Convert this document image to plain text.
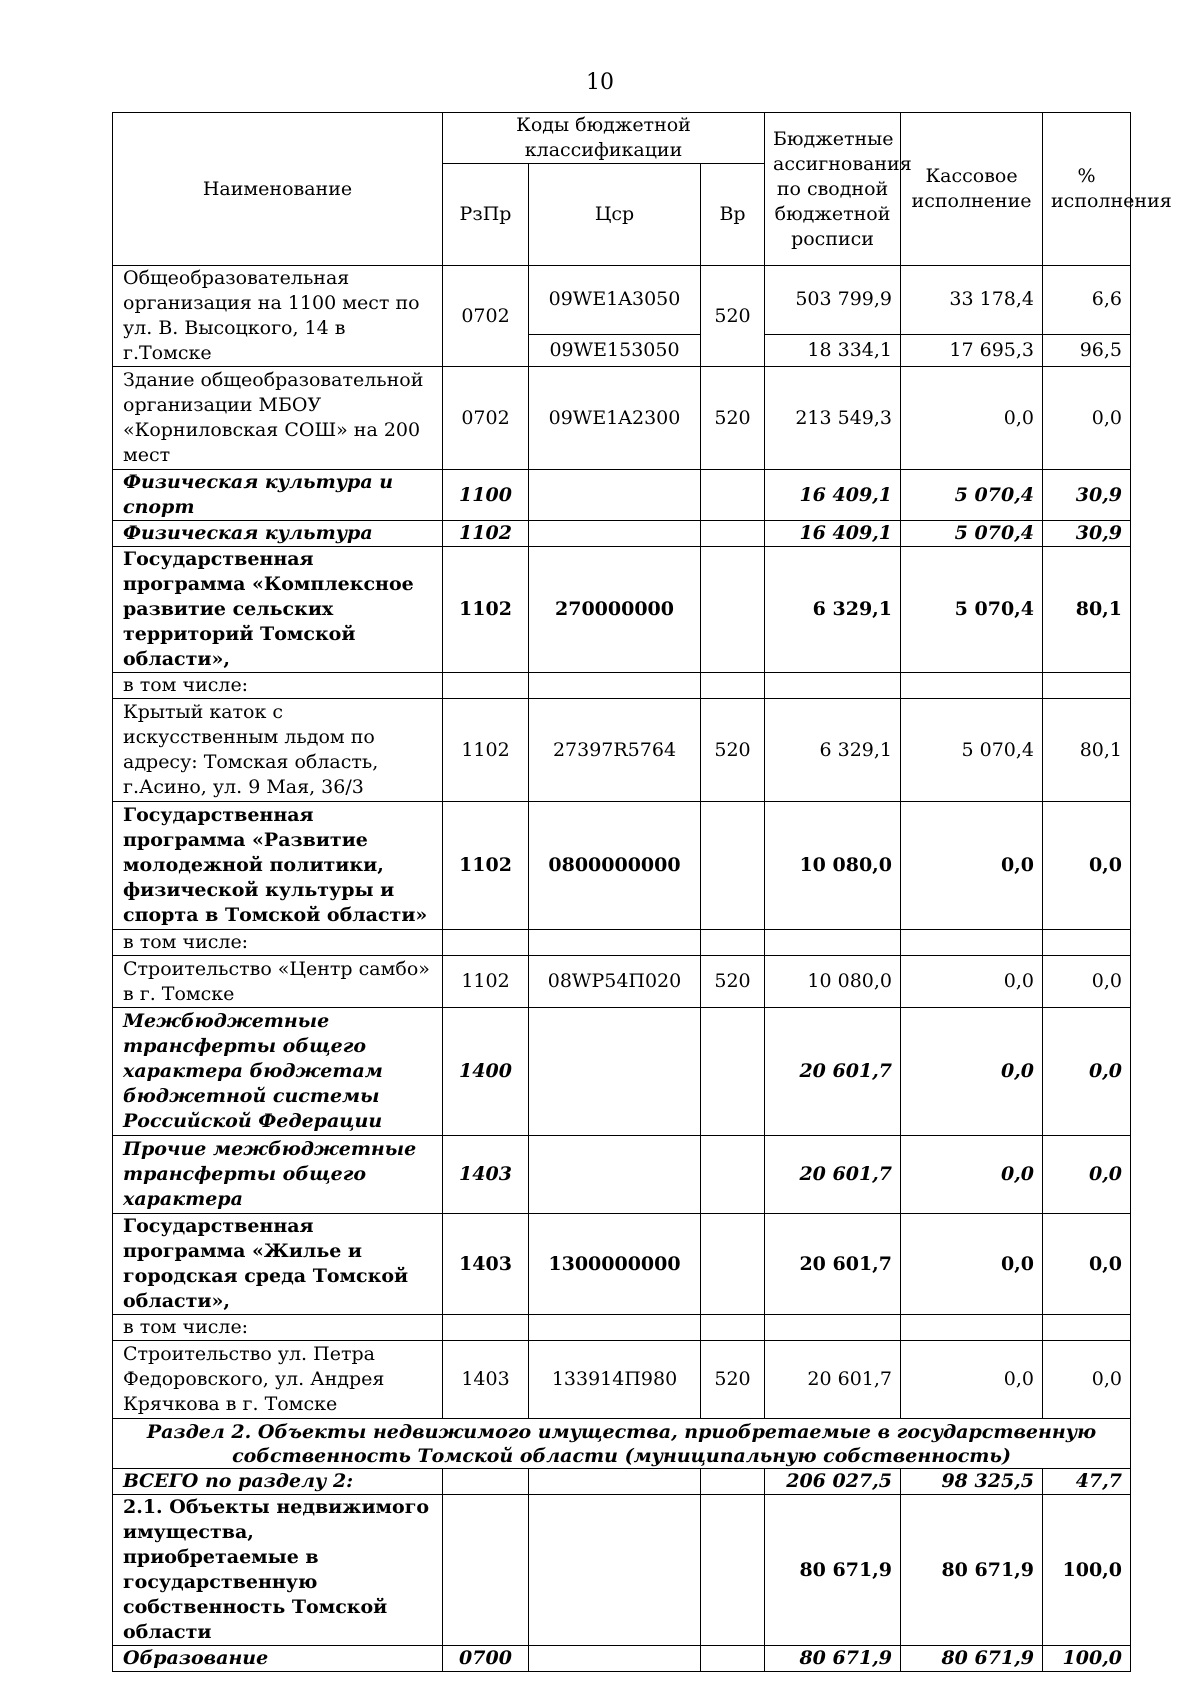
10
Наименование	Коды бюджетной классификации			Бюджетные ассигнования по сводной бюджетной росписи	Кассовое исполнение	% исполнения
	РзПр	Цср	Вр			
Общеобразовательная организация на 1100 мест по ул. В. Высоцкого, 14 в г.Томске	0702	09WE1A3050	520	503 799,9	33 178,4	6,6
		09WE153050		18 334,1	17 695,3	96,5
Здание общеобразовательной организации МБОУ «Корниловская СОШ» на 200 мест	0702	09WE1A2300	520	213 549,3	0,0	0,0
Физическая культура и спорт	1100			16 409,1	5 070,4	30,9
Физическая культура	1102			16 409,1	5 070,4	30,9
Государственная программа «Комплексное развитие сельских территорий Томской области»,	1102	270000000		6 329,1	5 070,4	80,1
в том числе:						
Крытый каток с искусственным льдом по адресу: Томская область, г.Асино, ул. 9 Мая, 36/3	1102	27397R5764	520	6 329,1	5 070,4	80,1
Государственная программа «Развитие молодежной политики, физической культуры и спорта в Томской области»	1102	0800000000		10 080,0	0,0	0,0
в том числе:						
Строительство «Центр самбо» в г. Томске	1102	08WP54П020	520	10 080,0	0,0	0,0
Межбюджетные трансферты общего характера бюджетам бюджетной системы Российской Федерации	1400			20 601,7	0,0	0,0
Прочие межбюджетные трансферты общего характера	1403			20 601,7	0,0	0,0
Государственная программа «Жилье и городская среда Томской области»,	1403	1300000000		20 601,7	0,0	0,0
в том числе:						
Строительство ул. Петра Федоровского, ул. Андрея Крячкова в г. Томске	1403	133914П980	520	20 601,7	0,0	0,0
Раздел 2. Объекты недвижимого имущества, приобретаемые в государственную собственность Томской области (муниципальную собственность)						
ВСЕГО по разделу 2:				206 027,5	98 325,5	47,7
2.1. Объекты недвижимого имущества, приобретаемые в государственную собственность Томской области				80 671,9	80 671,9	100,0
Образование	0700			80 671,9	80 671,9	100,0
